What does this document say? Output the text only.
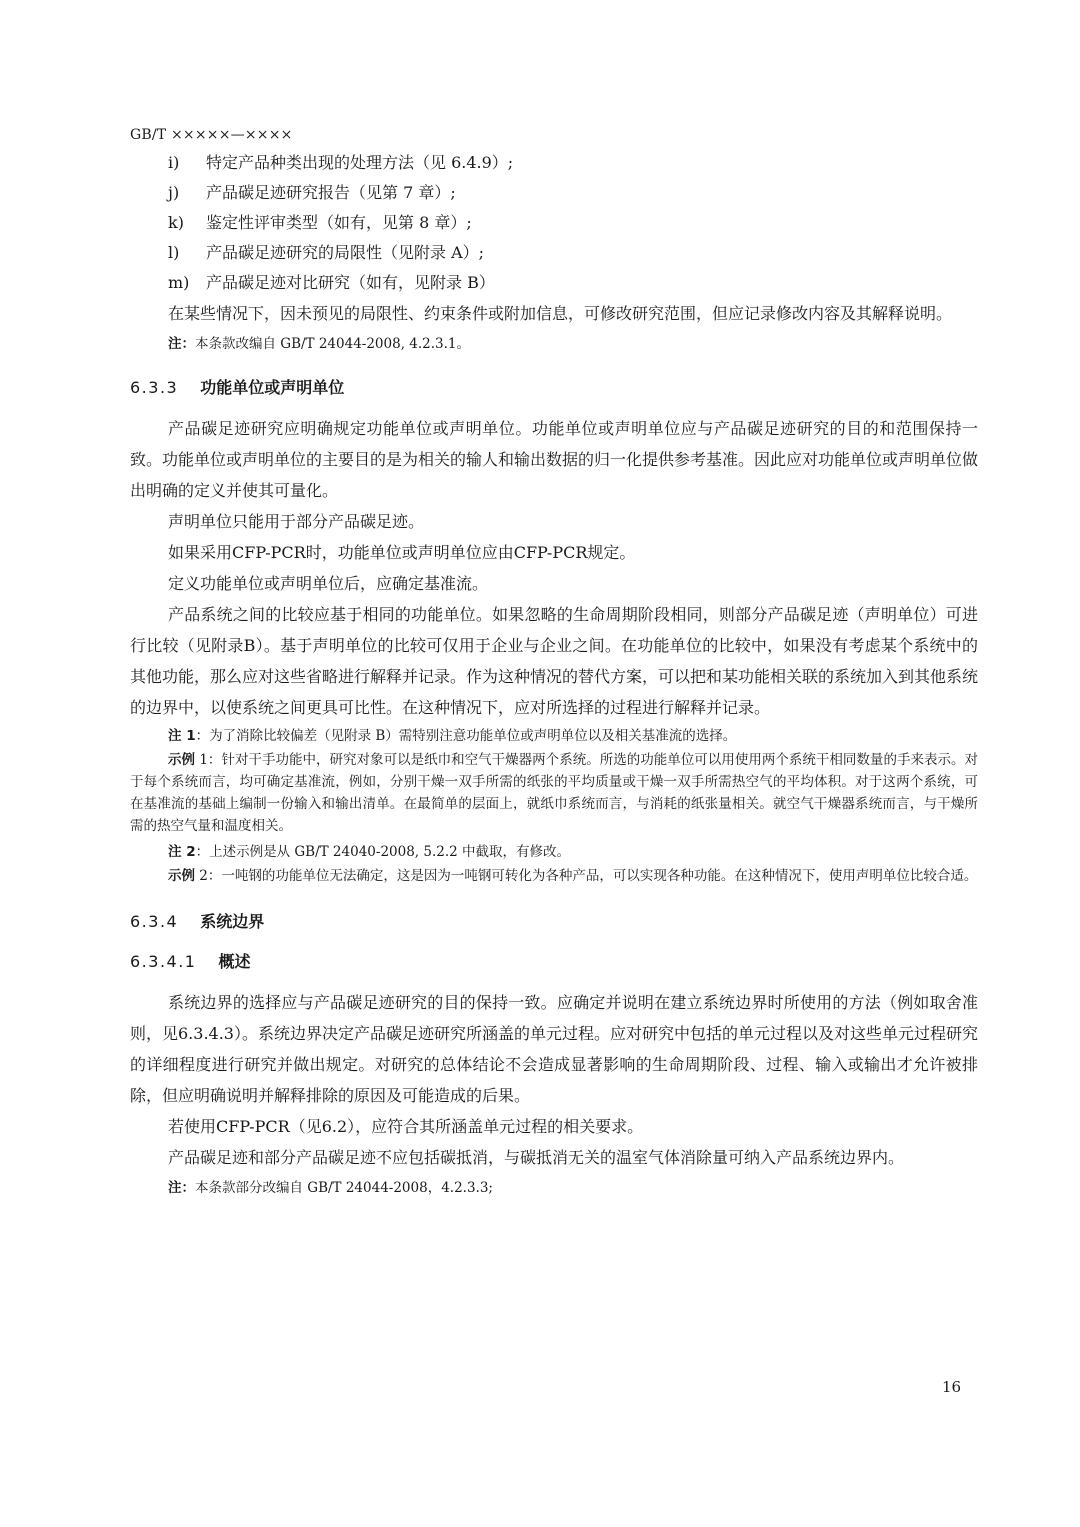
GB/T ×××××—××××
i)	特定产品种类出现的处理方法（见 6.4.9）;
j)	产品碳足迹研究报告（见第 7 章）;
k)	鉴定性评审类型（如有，见第 8 章）;
l)	产品碳足迹研究的局限性（见附录 A）;
m)	产品碳足迹对比研究（如有，见附录 B）

在某些情况下，因未预见的局限性、约束条件或附加信息，可修改研究范围，但应记录修改内容及其解释说明。

注：本条款改编自 GB/T 24044-2008, 4.2.3.1。
6.3.3 功能单位或声明单位

产品碳足迹研究应明确规定功能单位或声明单位。功能单位或声明单位应与产品碳足迹研究的目的和范围保持一致。功能单位或声明单位的主要目的是为相关的输人和输出数据的归一化提供参考基准。因此应对功能单位或声明单位做出明确的定义并使其可量化。

声明单位只能用于部分产品碳足迹。

如果采用CFP-PCR时，功能单位或声明单位应由CFP-PCR规定。

定义功能单位或声明单位后，应确定基准流。

产品系统之间的比较应基于相同的功能单位。如果忽略的生命周期阶段相同，则部分产品碳足迹（声明单位）可进行比较（见附录B）。基于声明单位的比较可仅用于企业与企业之间。在功能单位的比较中，如果没有考虑某个系统中的其他功能，那么应对这些省略进行解释并记录。作为这种情况的替代方案，可以把和某功能相关联的系统加入到其他系统的边界中，以使系统之间更具可比性。在这种情况下，应对所选择的过程进行解释并记录。

注 1：为了消除比较偏差（见附录 B）需特别注意功能单位或声明单位以及相关基准流的选择。
示例 1：针对干手功能中，研究对象可以是纸巾和空气干燥器两个系统。所选的功能单位可以用使用两个系统干相同数量的手来表示。对于每个系统而言，均可确定基准流，例如，分别干燥一双手所需的纸张的平均质量或干燥一双手所需热空气的平均体积。对于这两个系统，可在基准流的基础上编制一份输入和输出清单。在最简单的层面上，就纸巾系统而言，与消耗的纸张量相关。就空气干燥器系统而言，与干燥所需的热空气量和温度相关。
注 2：上述示例是从 GB/T 24040-2008, 5.2.2 中截取，有修改。
示例 2：一吨钢的功能单位无法确定，这是因为一吨钢可转化为各种产品，可以实现各种功能。在这种情况下，使用声明单位比较合适。
6.3.4 系统边界
6.3.4.1 概述

系统边界的选择应与产品碳足迹研究的目的保持一致。应确定并说明在建立系统边界时所使用的方法（例如取舍准则，见6.3.4.3）。系统边界决定产品碳足迹研究所涵盖的单元过程。应对研究中包括的单元过程以及对这些单元过程研究的详细程度进行研究并做出规定。对研究的总体结论不会造成显著影响的生命周期阶段、过程、输入或输出才允许被排除，但应明确说明并解释排除的原因及可能造成的后果。

若使用CFP-PCR（见6.2），应符合其所涵盖单元过程的相关要求。

产品碳足迹和部分产品碳足迹不应包括碳抵消，与碳抵消无关的温室气体消除量可纳入产品系统边界内。

注：本条款部分改编自 GB/T 24044-2008，4.2.3.3;
16
